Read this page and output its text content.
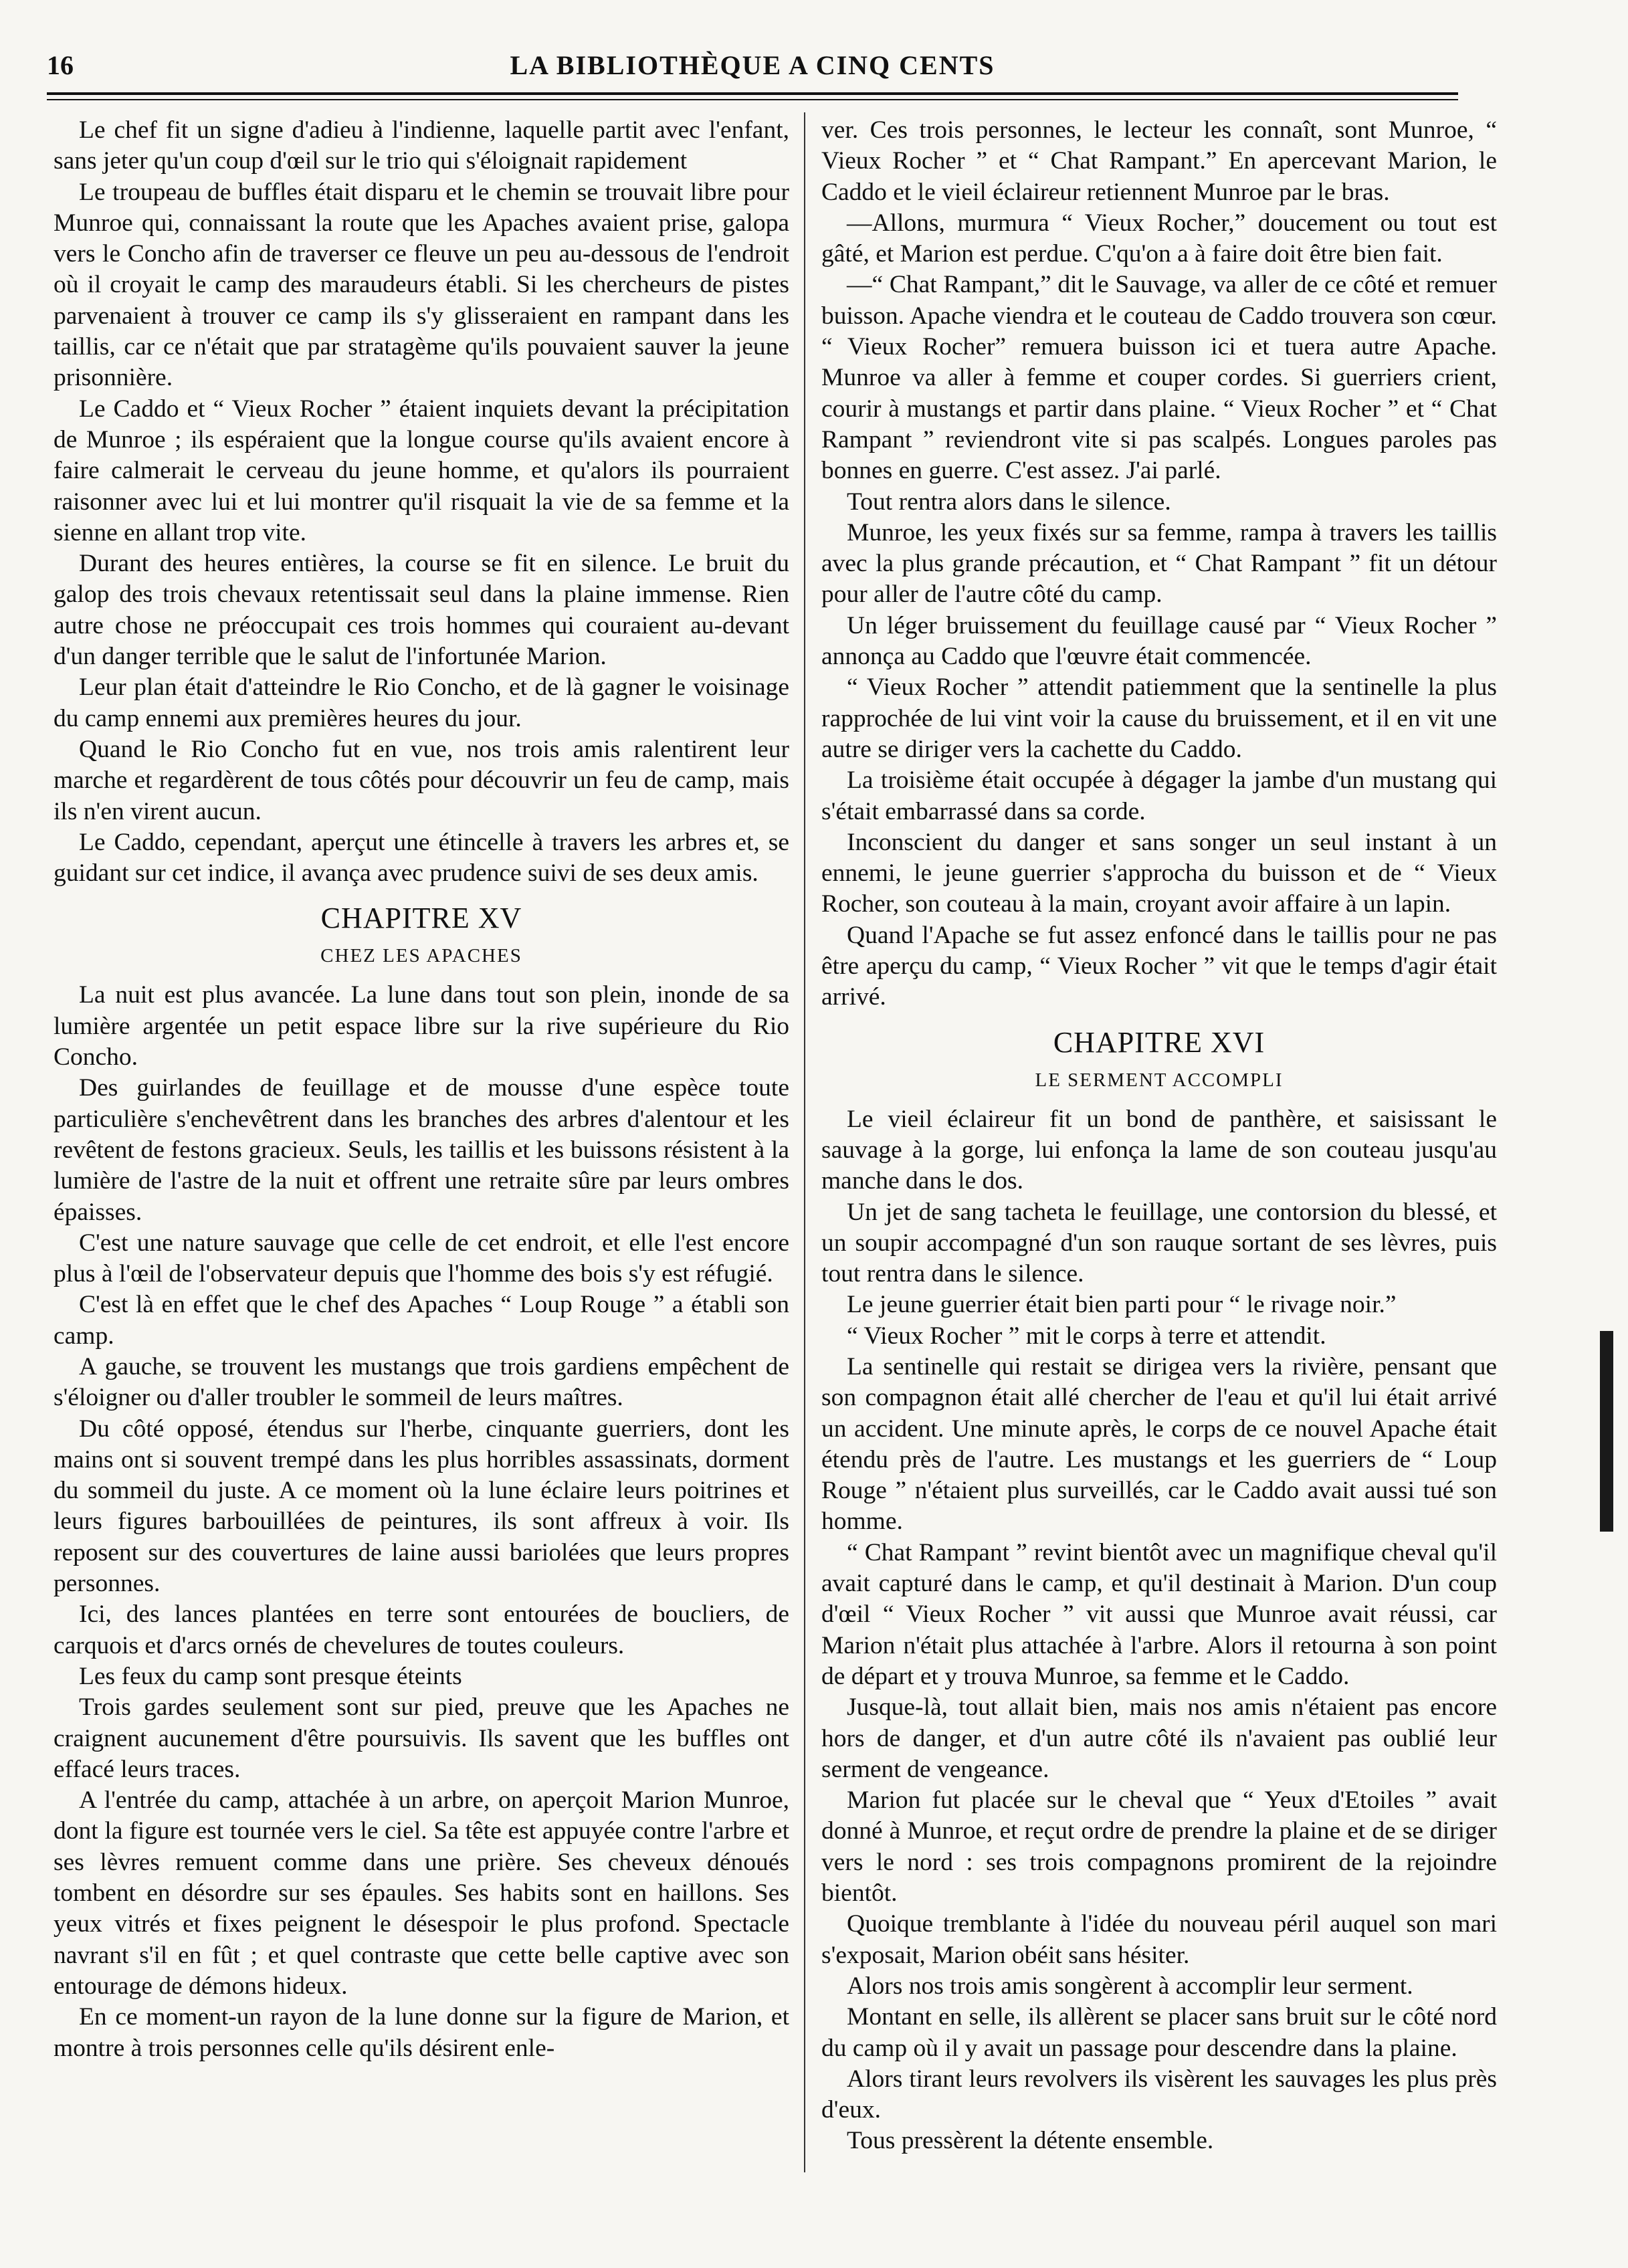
16	LA BIBLIOTHÈQUE A CINQ CENTS

Le chef fit un signe d'adieu à l'indienne, laquelle partit avec l'enfant, sans jeter qu'un coup d'œil sur le trio qui s'éloignait rapidement

Le troupeau de buffles était disparu et le chemin se trouvait libre pour Munroe qui, connaissant la route que les Apaches avaient prise, galopa vers le Concho afin de traverser ce fleuve un peu au-dessous de l'endroit où il croyait le camp des maraudeurs établi. Si les chercheurs de pistes parvenaient à trouver ce camp ils s'y glisseraient en rampant dans les taillis, car ce n'était que par stratagème qu'ils pouvaient sauver la jeune prisonnière.

Le Caddo et “ Vieux Rocher ” étaient inquiets devant la précipitation de Munroe ; ils espéraient que la longue course qu'ils avaient encore à faire calmerait le cerveau du jeune homme, et qu'alors ils pourraient raisonner avec lui et lui montrer qu'il risquait la vie de sa femme et la sienne en allant trop vite.

Durant des heures entières, la course se fit en silence. Le bruit du galop des trois chevaux retentissait seul dans la plaine immense. Rien autre chose ne préoccupait ces trois hommes qui couraient au-devant d'un danger terrible que le salut de l'infortunée Marion.

Leur plan était d'atteindre le Rio Concho, et de là gagner le voisinage du camp ennemi aux premières heures du jour.

Quand le Rio Concho fut en vue, nos trois amis ralentirent leur marche et regardèrent de tous côtés pour découvrir un feu de camp, mais ils n'en virent aucun.

Le Caddo, cependant, aperçut une étincelle à travers les arbres et, se guidant sur cet indice, il avança avec prudence suivi de ses deux amis.

CHAPITRE XV
CHEZ LES APACHES

La nuit est plus avancée. La lune dans tout son plein, inonde de sa lumière argentée un petit espace libre sur la rive supérieure du Rio Concho.

Des guirlandes de feuillage et de mousse d'une espèce toute particulière s'enchevêtrent dans les branches des arbres d'alentour et les revêtent de festons gracieux. Seuls, les taillis et les buissons résistent à la lumière de l'astre de la nuit et offrent une retraite sûre par leurs ombres épaisses.

C'est une nature sauvage que celle de cet endroit, et elle l'est encore plus à l'œil de l'observateur depuis que l'homme des bois s'y est réfugié.

C'est là en effet que le chef des Apaches “ Loup Rouge ” a établi son camp.

A gauche, se trouvent les mustangs que trois gardiens empêchent de s'éloigner ou d'aller troubler le sommeil de leurs maîtres.

Du côté opposé, étendus sur l'herbe, cinquante guerriers, dont les mains ont si souvent trempé dans les plus horribles assassinats, dorment du sommeil du juste. A ce moment où la lune éclaire leurs poitrines et leurs figures barbouillées de peintures, ils sont affreux à voir. Ils reposent sur des couvertures de laine aussi bariolées que leurs propres personnes.

Ici, des lances plantées en terre sont entourées de boucliers, de carquois et d'arcs ornés de chevelures de toutes couleurs.

Les feux du camp sont presque éteints

Trois gardes seulement sont sur pied, preuve que les Apaches ne craignent aucunement d'être poursuivis. Ils savent que les buffles ont effacé leurs traces.

A l'entrée du camp, attachée à un arbre, on aperçoit Marion Munroe, dont la figure est tournée vers le ciel. Sa tête est appuyée contre l'arbre et ses lèvres remuent comme dans une prière. Ses cheveux dénoués tombent en désordre sur ses épaules. Ses habits sont en haillons. Ses yeux vitrés et fixes peignent le désespoir le plus profond. Spectacle navrant s'il en fût ; et quel contraste que cette belle captive avec son entourage de démons hideux.

En ce moment-un rayon de la lune donne sur la figure de Marion, et montre à trois personnes celle qu'ils désirent enle-

ver. Ces trois personnes, le lecteur les connaît, sont Munroe, “ Vieux Rocher ” et “ Chat Rampant.” En apercevant Marion, le Caddo et le vieil éclaireur retiennent Munroe par le bras.

—Allons, murmura “ Vieux Rocher,” doucement ou tout est gâté, et Marion est perdue. C'qu'on a à faire doit être bien fait.

—“ Chat Rampant,” dit le Sauvage, va aller de ce côté et remuer buisson. Apache viendra et le couteau de Caddo trouvera son cœur. “ Vieux Rocher” remuera buisson ici et tuera autre Apache. Munroe va aller à femme et couper cordes. Si guerriers crient, courir à mustangs et partir dans plaine. “ Vieux Rocher ” et “ Chat Rampant ” reviendront vite si pas scalpés. Longues paroles pas bonnes en guerre. C'est assez. J'ai parlé.

Tout rentra alors dans le silence.

Munroe, les yeux fixés sur sa femme, rampa à travers les taillis avec la plus grande précaution, et “ Chat Rampant ” fit un détour pour aller de l'autre côté du camp.

Un léger bruissement du feuillage causé par “ Vieux Rocher ” annonça au Caddo que l'œuvre était commencée.

“ Vieux Rocher ” attendit patiemment que la sentinelle la plus rapprochée de lui vint voir la cause du bruissement, et il en vit une autre se diriger vers la cachette du Caddo.

La troisième était occupée à dégager la jambe d'un mustang qui s'était embarrassé dans sa corde.

Inconscient du danger et sans songer un seul instant à un ennemi, le jeune guerrier s'approcha du buisson et de “ Vieux Rocher, son couteau à la main, croyant avoir affaire à un lapin.

Quand l'Apache se fut assez enfoncé dans le taillis pour ne pas être aperçu du camp, “ Vieux Rocher ” vit que le temps d'agir était arrivé.

CHAPITRE XVI
LE SERMENT ACCOMPLI

Le vieil éclaireur fit un bond de panthère, et saisissant le sauvage à la gorge, lui enfonça la lame de son couteau jusqu'au manche dans le dos.

Un jet de sang tacheta le feuillage, une contorsion du blessé, et un soupir accompagné d'un son rauque sortant de ses lèvres, puis tout rentra dans le silence.

Le jeune guerrier était bien parti pour “ le rivage noir.”

“ Vieux Rocher ” mit le corps à terre et attendit.

La sentinelle qui restait se dirigea vers la rivière, pensant que son compagnon était allé chercher de l'eau et qu'il lui était arrivé un accident. Une minute après, le corps de ce nouvel Apache était étendu près de l'autre. Les mustangs et les guerriers de “ Loup Rouge ” n'étaient plus surveillés, car le Caddo avait aussi tué son homme.

“ Chat Rampant ” revint bientôt avec un magnifique cheval qu'il avait capturé dans le camp, et qu'il destinait à Marion. D'un coup d'œil “ Vieux Rocher ” vit aussi que Munroe avait réussi, car Marion n'était plus attachée à l'arbre. Alors il retourna à son point de départ et y trouva Munroe, sa femme et le Caddo.

Jusque-là, tout allait bien, mais nos amis n'étaient pas encore hors de danger, et d'un autre côté ils n'avaient pas oublié leur serment de vengeance.

Marion fut placée sur le cheval que “ Yeux d'Etoiles ” avait donné à Munroe, et reçut ordre de prendre la plaine et de se diriger vers le nord : ses trois compagnons promirent de la rejoindre bientôt.

Quoique tremblante à l'idée du nouveau péril auquel son mari s'exposait, Marion obéit sans hésiter.

Alors nos trois amis songèrent à accomplir leur serment.

Montant en selle, ils allèrent se placer sans bruit sur le côté nord du camp où il y avait un passage pour descendre dans la plaine.

Alors tirant leurs revolvers ils visèrent les sauvages les plus près d'eux.

Tous pressèrent la détente ensemble.
